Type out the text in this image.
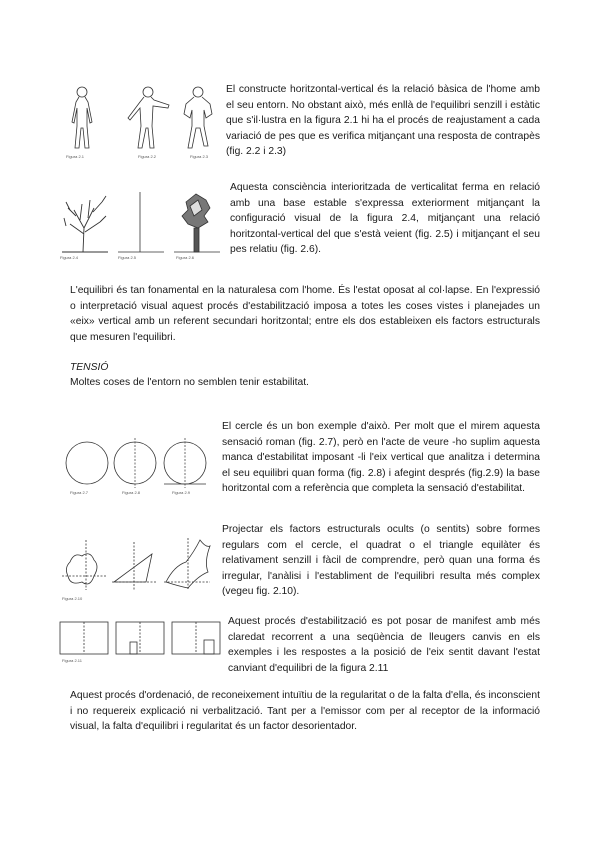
Figura 2.1	Figura 2.2	Figura 2.3
El constructe horitzontal-vertical és la relació bàsica de l'home amb el seu entorn. No obstant això, més enllà de l'equilibri senzill i estàtic que s'il·lustra en la figura 2.1 hi ha el procés de reajustament a cada variació de pes que es verifica mitjançant una resposta de contrapès (fig. 2.2 i 2.3)
Figura 2.4	Figura 2.5	Figura 2.6
Aquesta consciència interioritzada de verticalitat ferma en relació amb una base estable s'expressa exteriorment mitjançant la configuració visual de la figura 2.4, mitjançant una relació horitzontal-vertical del que s'està veient (fig. 2.5) i mitjançant el seu pes relatiu (fig. 2.6).
L'equilibri és tan fonamental en la naturalesa com l'home. És l'estat oposat al col·lapse. En l'expressió o interpretació visual aquest procés d'estabilització imposa a totes les coses vistes i planejades un «eix» vertical amb un referent secundari horitzontal; entre els dos estableixen els factors estructurals que mesuren l'equilibri.
TENSIÓ
Moltes coses de l'entorn no semblen tenir estabilitat.
Figura 2.7	Figura 2.8	Figura 2.9
El cercle és un bon exemple d'això. Per molt que el mirem aquesta sensació roman (fig. 2.7), però en l'acte de veure -ho suplim aquesta manca d'estabilitat imposant -li l'eix vertical que analitza i determina el seu equilibri quan forma (fig. 2.8) i afegint després (fig.2.9) la base horitzontal com a referència que completa la sensació d'estabilitat.
Figura 2.10
Projectar els factors estructurals ocults (o sentits) sobre formes regulars com el cercle, el quadrat o el triangle equilàter és relativament senzill i fàcil de comprendre, però quan una forma és irregular, l'anàlisi i l'establiment de l'equilibri resulta més complex (vegeu fig. 2.10).
Figura 2.11
Aquest procés d'estabilització es pot posar de manifest amb més claredat recorrent a una seqüència de lleugers canvis en els exemples i les respostes a la posició de l'eix sentit davant l'estat canviant d'equilibri de la figura 2.11
Aquest procés d'ordenació, de reconeixement intuïtiu de la regularitat o de la falta d'ella, és inconscient i no requereix explicació ni verbalització. Tant per a l'emissor com per al receptor de la informació visual, la falta d'equilibri i regularitat és un factor desorientador.
